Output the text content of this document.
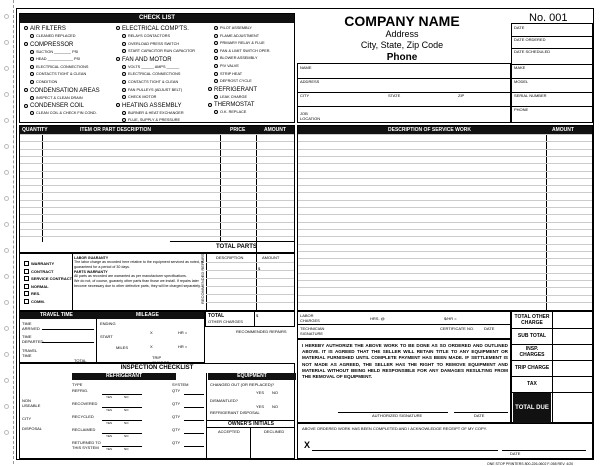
CHECK LIST
AIR FILTERS
CLEANED REPLACED
COMPRESSOR
SUCTION ________ PSI
HEAD ____________ PSI
ELECTRICAL CONNECTIONS
CONTACTS TIGHT & CLEAN
CONDITION
CONDENSATION AREAS
INSPECT & CLEAN DRAIN
CONDENSER COIL
CLEAN COIL & CHECK FIN COND.
ELECTRICAL COMP'TS.
RELAYS CONTACTORS
OVERLOAD PRESS SWITCH
START CAPACITOR RUN CAPACITOR
FAN AND MOTOR
VOLTS ______ AMPS ______
ELECTRICAL CONNECTIONS
CONTACTS TIGHT & CLEAN
FAN PULLEYS (ADJUST BELT)
CHECK MOTOR
HEATING ASSEMBLY
BURNER & HEAT EXCHANGER
FLUE, SUPPLY & PRESSURE
PILOT ASSEMBLY
FLAME ADJUSTMENT
PRIMARY RELAY & FLUE
FAN & LIMIT SWITCH OPER.
BLOWER ASSEMBLY
PIV VALVE
STRIP HEAT
DEFROST CYCLE
REFRIGERANT
LEAK CHARGE
THERMOSTAT
O.K. REPLACE
COMPANY NAME
Address
City, State, Zip Code
Phone
No. 001
DATE
DATE ORDERED
DATE SCHEDULED
MAKE
MODEL
SERIAL NUMBER
PHONE
NAME
ADDRESS
CITY	STATE	ZIP
JOB LOCATION
QUANTITY	ITEM OR PART DESCRIPTION	PRICE	AMOUNT
TOTAL PARTS
DESCRIPTION OF SERVICE WORK	AMOUNT
WARRANTY
CONTRACT
SERVICE CONTRACT
NORMAL
RES.
COMM.
LABOR GUARANTY
The labor charge as recorded here relative to the equipment serviced as noted, is guaranteed for a period of 30 days.
PARTS WARRANTY
All parts as recorded are warranted as per manufacturer specifications.
We do not, of course, guaranty other parts than those we install. If repairs later become necessary due to other defective parts, they will be charged separately.
DESCRIPTION	AMOUNT
RECOMMENDED REPAIRS	$
TOTAL
OTHER CHARGES
$
RECOMMENDED REPAIRS
TRAVEL TIME	MILEAGE
TIME ARRIVED
TIME DEPARTED
TRAVEL TIME
TOTAL
ENDING
START
MILES
TRIP CHARGE
X	HR =
X	HR =
INSPECTION CHECKLIST
REFRIGERANT	EQUIPMENT
NON USEABLE
CITY
DISPOSAL
TYPE	SYSTEM
REFRIG.	QTY
YES	NO
RECOVERED	QTY
YES	NO
RECYCLED	QTY
YES	NO
RECLAIMED	QTY
YES	NO
RETURNED TO THIS SYSTEM
QTY
YES	NO
CHANGED OUT (OR REPLACED)?
YES NO
DISMANTLED?
YES NO
REFRIGERANT DISPOSAL
OWNER'S INITIALS
ACCEPTED	DECLINED
LABOR CHARGES	HRS. @	$/HR =
TECHNICIAN SIGNATURE
CERTIFICATE NO. DATE
I HEREBY AUTHORIZE THE ABOVE WORK TO BE DONE AS SO ORDERED AND OUTLINED ABOVE. IT IS AGREED THAT THE SELLER WILL RETAIN TITLE TO ANY EQUIPMENT OR MATERIAL FURNISHED UNTIL COMPLETE PAYMENT HAS BEEN MADE. IF SETTLEMENT IS NOT MADE AS AGREED, THE SELLER HAS THE RIGHT TO REMOVE EQUIPMENT AND MATERIAL WITHOUT BEING HELD RESPONSIBLE FOR ANY DAMAGES RESULTING FROM THE REMOVAL OF EQUIPMENT.
AUTHORIZED SIGNATURE	DATE
ABOVE ORDERED WORK HAS BEEN COMPLETED AND I ACKNOWLEDGE RECEIPT OF MY COPY.
X
DATE
TOTAL OTHER CHARGE
SUB TOTAL
INSP. CHARGES
TRIP CHARGE
TAX
TOTAL DUE
ONE STOP PRINTERS 800-226-0602 F-058 REV. 4/20
